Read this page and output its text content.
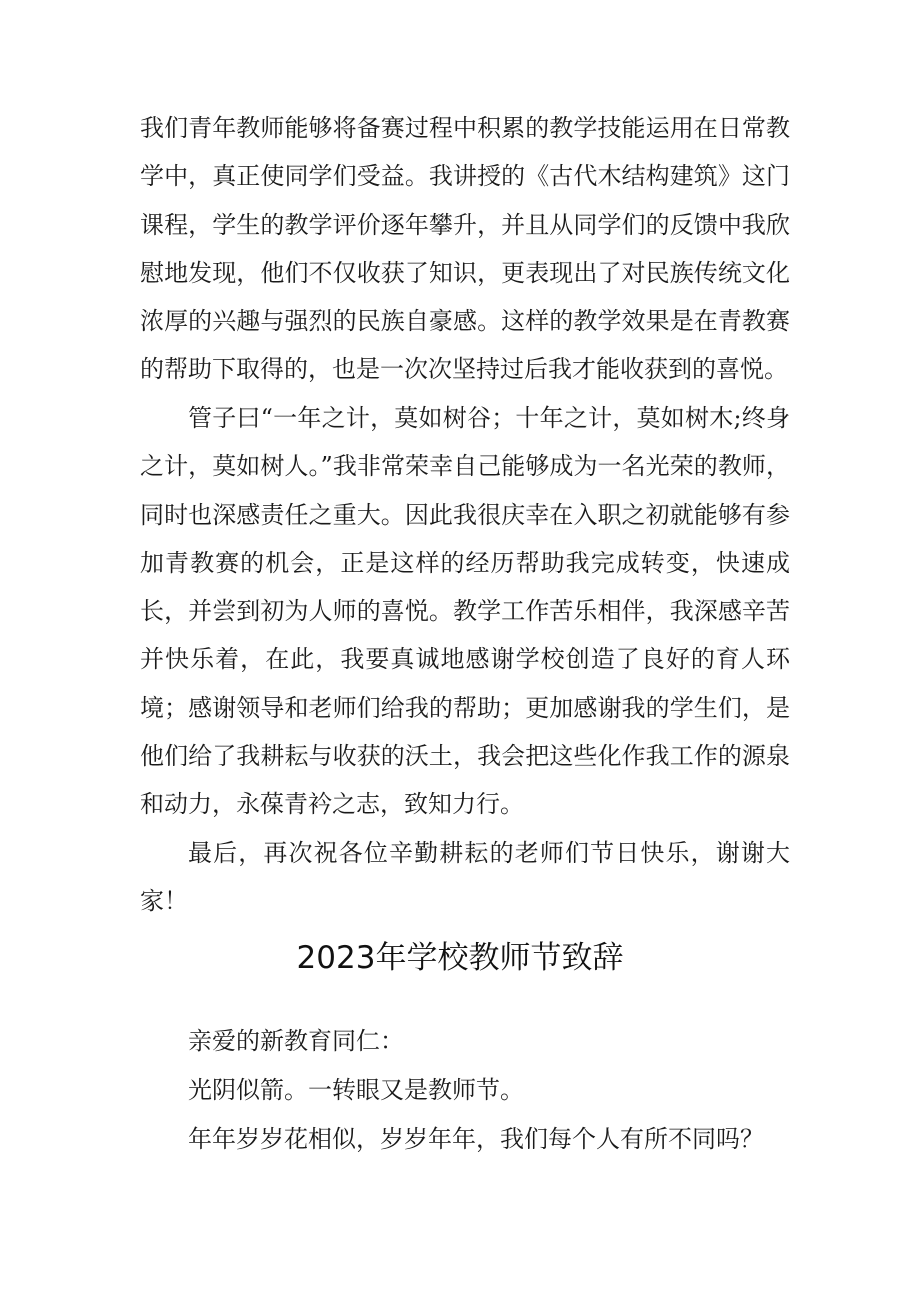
我们青年教师能够将备赛过程中积累的教学技能运用在日常教学中，真正使同学们受益。我讲授的《古代木结构建筑》这门课程，学生的教学评价逐年攀升，并且从同学们的反馈中我欣慰地发现，他们不仅收获了知识，更表现出了对民族传统文化浓厚的兴趣与强烈的民族自豪感。这样的教学效果是在青教赛的帮助下取得的，也是一次次坚持过后我才能收获到的喜悦。

管子曰“一年之计，莫如树谷；十年之计，莫如树木;终身之计，莫如树人。”我非常荣幸自己能够成为一名光荣的教师，同时也深感责任之重大。因此我很庆幸在入职之初就能够有参加青教赛的机会，正是这样的经历帮助我完成转变，快速成长，并尝到初为人师的喜悦。教学工作苦乐相伴，我深感辛苦并快乐着，在此，我要真诚地感谢学校创造了良好的育人环境；感谢领导和老师们给我的帮助；更加感谢我的学生们，是他们给了我耕耘与收获的沃土，我会把这些化作我工作的源泉和动力，永葆青衿之志，致知力行。

最后，再次祝各位辛勤耕耘的老师们节日快乐，谢谢大家！

2023年学校教师节致辞

亲爱的新教育同仁：

光阴似箭。一转眼又是教师节。

年年岁岁花相似，岁岁年年，我们每个人有所不同吗？
